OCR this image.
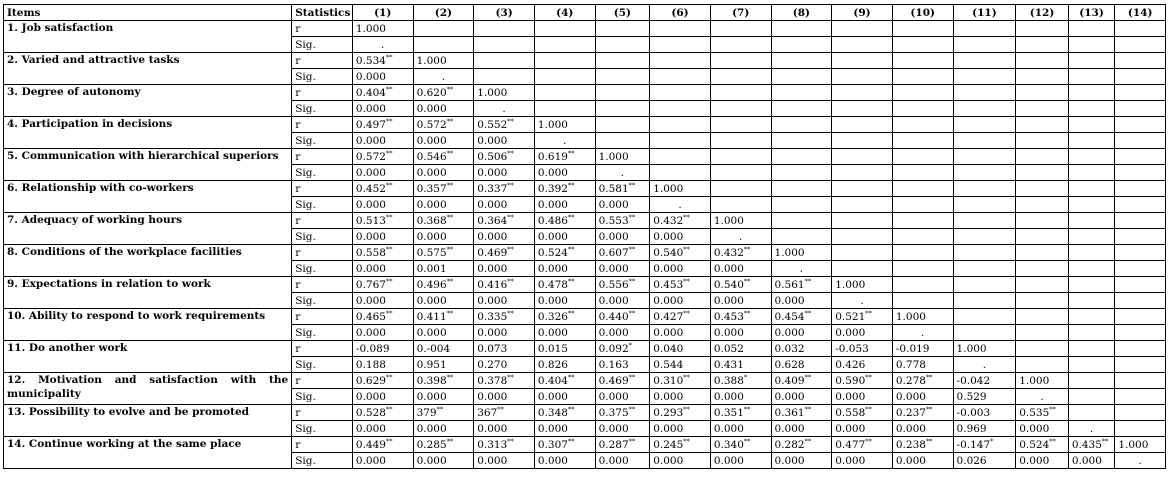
Items	Statistics	(1)	(2)	(3)	(4)	(5)	(6)	(7)	(8)	(9)	(10)	(11)	(12)	(13)	(14)
1. Job satisfaction	r	1.000													
	Sig.	.													
2. Varied and attractive tasks	r	0.534**	1.000												
	Sig.	0.000	.												
3. Degree of autonomy	r	0.404**	0.620**	1.000											
	Sig.	0.000	0.000	.											
4. Participation in decisions	r	0.497**	0.572**	0.552**	1.000										
	Sig.	0.000	0.000	0.000	.										
5. Communication with hierarchical superiors	r	0.572**	0.546**	0.506**	0.619**	1.000									
	Sig.	0.000	0.000	0.000	0.000	.									
6. Relationship with co-workers	r	0.452**	0.357**	0.337**	0.392**	0.581**	1.000								
	Sig.	0.000	0.000	0.000	0.000	0.000	.								
7. Adequacy of working hours	r	0.513**	0.368**	0.364**	0.486**	0.553**	0.432**	1.000							
	Sig.	0.000	0.000	0.000	0.000	0.000	0.000	.							
8. Conditions of the workplace facilities	r	0.558**	0.575**	0.469**	0.524**	0.607**	0.540**	0.432**	1.000						
	Sig.	0.000	0.001	0.000	0.000	0.000	0.000	0.000	.						
9. Expectations in relation to work	r	0.767**	0.496**	0.416**	0.478**	0.556**	0.453**	0.540**	0.561**	1.000					
	Sig.	0.000	0.000	0.000	0.000	0.000	0.000	0.000	0.000	.					
10. Ability to respond to work requirements	r	0.465**	0.411**	0.335**	0.326**	0.440**	0.427**	0.453**	0.454**	0.521**	1.000				
	Sig.	0.000	0.000	0.000	0.000	0.000	0.000	0.000	0.000	0.000	.				
11. Do another work	r	-0.089	0.-004	0.073	0.015	0.092*	0.040	0.052	0.032	-0.053	-0.019	1.000			
	Sig.	0.188	0.951	0.270	0.826	0.163	0.544	0.431	0.628	0.426	0.778	.			

12. Motivation and satisfaction with the
municipality	r	0.629**	0.398**	0.378**	0.404**	0.469**	0.310**	0.388*	0.409**	0.590**	0.278**	-0.042	1.000		
	Sig.	0.000	0.000	0.000	0.000	0.000	0.000	0.000	0.000	0.000	0.000	0.529	.		
13. Possibility to evolve and be promoted	r	0.528**	379**	367**	0.348**	0.375**	0.293**	0.351**	0.361**	0.558**	0.237**	-0.003	0.535**		
	Sig.	0.000	0.000	0.000	0.000	0.000	0.000	0.000	0.000	0.000	0.000	0.969	0.000	.	
14. Continue working at the same place	r	0.449**	0.285**	0.313**	0.307**	0.287**	0.245**	0.340**	0.282**	0.477**	0.238**	-0.147*	0.524**	0.435**	1.000
	Sig.	0.000	0.000	0.000	0.000	0.000	0.000	0.000	0.000	0.000	0.000	0.026	0.000	0.000	.
